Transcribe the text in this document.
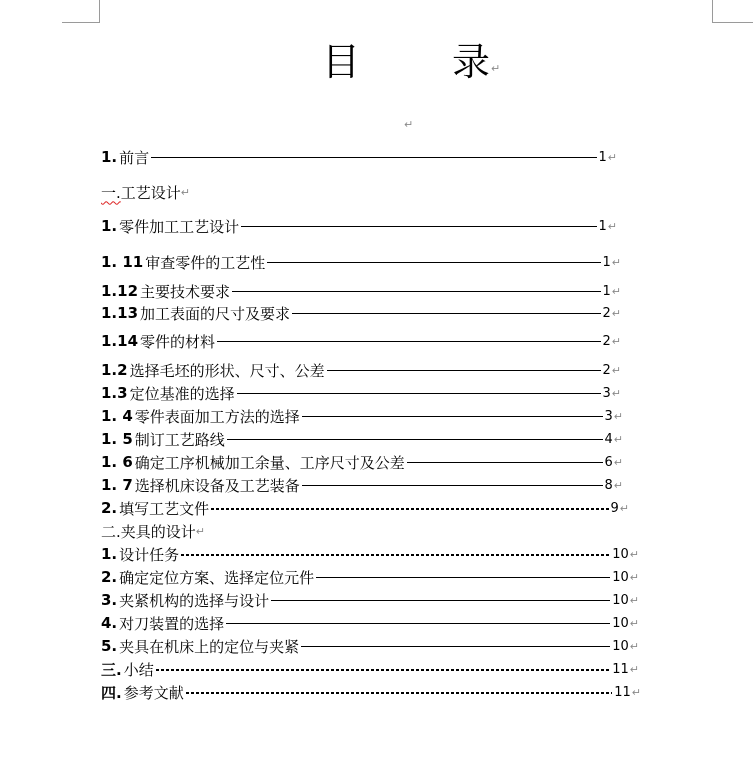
目 录 ↵
↵
1. 前言	1 ↵
一. 工艺设计 ↵
1. 零件加工工艺设计	1 ↵
1. 11 审查零件的工艺性	1 ↵
1.12 主要技术要求	1 ↵
1.13 加工表面的尺寸及要求	2 ↵
1.14 零件的材料	2 ↵
1.2 选择毛坯的形状、尺寸、公差	2 ↵
1.3 定位基准的选择	3 ↵
1. 4 零件表面加工方法的选择	3 ↵
1. 5 制订工艺路线	4 ↵
1. 6 确定工序机械加工余量、工序尺寸及公差	6 ↵
1. 7 选择机床设备及工艺装备	8 ↵
2. 填写工艺文件	9 ↵
二. 夹具的设计 ↵
1. 设计任务	10 ↵
2. 确定定位方案、选择定位元件	10 ↵
3. 夹紧机构的选择与设计	10 ↵
4. 对刀装置的选择	10 ↵
5. 夹具在机床上的定位与夹紧	10 ↵
三. 小结	11 ↵
四. 参考文献	11 ↵
